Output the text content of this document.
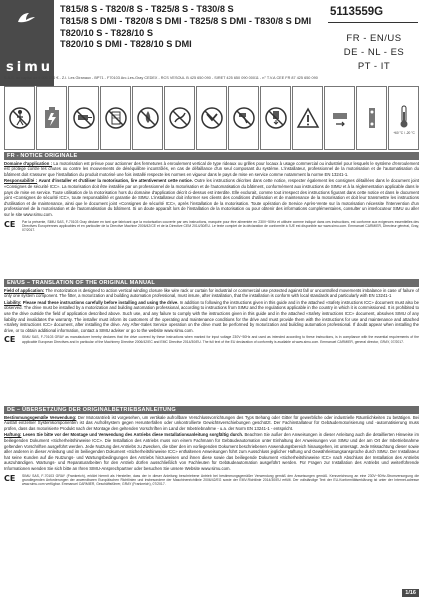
simu
T815/8 S - T820/8 S - T825/8 S - T830/8 S
T815/8 S DMI - T820/8 S DMI - T825/8 S DMI - T830/8 S DMI
T820/10 S - T828/10 S
T820/10 S DMI - T828/10 S DMI
5113559G
FR - EN/US
DE - NL - ES
PT - IT
S.A.S. au capital de 5 000 000 € - Z.I. Les Giranaux - BP71 - F70103 Arc-Les-Gray CEDEX - RCS VESOUL B 425 650 090 - SIRET 425 650 090 00011 - n° T.V.A CEE FR 87 425 650 090
+60 °C / -20 °C
FR - NOTICE ORIGINALE
Domaine d'application : La motorisation est prévue pour actionner des fermetures à enroulement vertical de type rideaux ou grilles pour locaux à usage commercial ou industriel pour lesquels le système d'enroulement est protégé contre les chutes ou contre les mouvements de déséquilibre incontrôlés, en cas de défaillance d'un seul composant du système. L'installateur, professionnel de la motorisation et de l'automatisation du bâtiment doit s'assurer que l'installation du produit motorisé une fois installé respecte les normes en vigueur dans le pays de mise en service comme notamment la norme EN 13241-1.
Responsabilité : Avant d'installer et d'utiliser la motorisation, lire attentivement cette notice. Outre les instructions décrites dans cette notice, respecter également les consignes détaillées dans le document joint «Consignes de sécurité ICC». La motorisation doit être installée par un professionnel de la motorisation et de l'automatisation du bâtiment, conformément aux instructions de SIMU et à la réglementation applicable dans le pays de mise en service. Toute utilisation de la motorisation hors du domaine d'application décrit ci-dessus est interdite. Elle exclurait, comme tout irrespect des instructions figurant dans cette notice et dans le document joint «Consignes de sécurité ICC», toute responsabilité et garantie de SIMU. L'installateur doit informer ses clients des conditions d'utilisation et de maintenance de la motorisation et doit leur transmettre les instructions d'utilisation et de maintenance, ainsi que le document joint «Consignes de sécurité ICC», après l'installation de la motorisation. Toute opération de Service Après-Vente sur la motorisation nécessite l'intervention d'un professionnel de la motorisation et de l'automatisation du bâtiment. Si un doute apparaît lors de l'installation de la motorisation ou pour obtenir des informations complémentaires, consulter un interlocuteur SIMU ou aller sur le site www.simu.com.
CE	Par la présente, SIMU SAS, F-70103 Gray déclare en tant que fabricant que la motorisation couverte par ces instructions, marquée pour être alimentée en 230V~50Hz et utilisée comme indiqué dans ces instructions, est conforme aux exigences essentielles des Directives Européennes applicables et en particulier de la Directive Machine 2006/42/CE et de la Directive CEM 2014/30/EU. Le texte complet de la déclaration de conformité à l'UE est disponible sur www.simu.com. Emmanuel CARMIER, Directeur général, Gray, 07/2017.
EN/US – TRANSLATION OF THE ORIGINAL MANUAL
Field of application: The motorization is designed to action vertical winding closure like wire rack or curtain for industrial or commercial use protected against fall or uncontrolled movements imbalance in case of failure of only one system component. The fitter, a motorization and building automation professional, must insure, after installation, that the installation is conform with local standards and particularly with EN 13241-1
Liability: Please read these instructions carefully before installing and using the drive. In addition to following the instructions given in this guide and in the attached «Safety instructions ICC» document must also be observed. The drive must be installed by a motorization and building automation professional, according to instructions from SIMU and the regulations applicable in the country in which it is commissioned. It is prohibited to use the drive outside the field of application described above. Such use, and any failure to comply with the instructions given in this guide and in the attached «Safety instructions ICC» document, absolves SIMU of any liability and invalidates the warranty. The installer must inform its customers of the operating and maintenance conditions for the drive and must provide them with the instructions for use and maintenance and attached «Safety instructions ICC» document, after installing the drive. Any After-Sales Service operation on the drive must be performed by motorization and building automation professional. If doubt appear when installing the drive, or to obtain additional information, contact a SIMU adviser or go to the website www.simu.com.
CE	SIMU SAS, F-70103 GRAY as manufacturer hereby declares that the drive covered by these instructions when marked for input voltage 230V~50Hz and used as intended according to these instructions, is in compliance with the essential requirements of the applicable European Directives and in particular of the Machinery Directive 2006/42/EC and EMC Directive 2014/30/EU. The full text of the EU declaration of conformity is available at www.simu.com. Emmanuel CARMIER, general director, GRAY, 07/2017.
DE – ÜBERSETZUNG DER ORIGINALBETRIEBSANLEITUNG
Bestimmungsgemäße Verwendung: Der Motorantrieb ist vorgesehen, um vertikale aufrollbare Verschlussvorrichtungen des Typs Behang oder Gitter für gewerbliche oder industrielle Räumlichkeiten zu betätigen. Bei Ausfall einzelner Systemkomponenten ist das Aufrollsystem gegen Herunterfallen oder unkontrollierte Gewichtsverschiebungen geschützt. Der Fachinstallateur für Gebäudemotorisierung und -automatisierung muss prüfen, dass das motorisierte Produkt nach der Montage den geltenden Vorschriften im Land der Inbetriebnahme - u.a. der Norm EN 13241-1 - entspricht.
Haftung: Lesen Sie bitte vor der Montage und Verwendung des Antriebs diese Installationsanleitung sorgfältig durch. Beachten Sie außer den Anweisungen in dieser Anleitung auch die detaillierten Hinweise im beiliegenden Dokument «Sicherheitshinweise ICC». Die Installation des Antriebs muss von einem Fachmann für Gebäudeautomation unter Einhaltung der Anweisungen von SIMU und der am Ort der Inbetriebnahme geltenden Vorschriften ausgeführt werden. Jede Nutzung des Antriebs zu Zwecken, die über den im vorliegenden Dokument beschriebenen Anwendungsbereich hinausgehen, ist untersagt. Jede Missachtung dieser sowie aller anderen in dieser Anleitung und im beiliegenden Dokument «Sicherheitshinweise ICC» enthaltenen Anweisungen führt zum Ausschluss jeglicher Haftung und Gewährleistungsansprüche durch SIMU. Der Installateur hat seine Kunden auf die Nutzungs- und Wartungsbedingungen des Antriebs hinzuweisen und ihnen diese sowie das beiliegende Dokument «Sicherheitshinweise ICC» nach Abschluss der Installation des Antriebs auszuhändigen. Wartungs- und Reparaturarbeiten für den Antrieb dürfen ausschließlich von Fachleuten für Gebäudeautomation ausgeführt werden. Für Fragen zur Installation des Antriebs und weiterführende Informationen wenden Sie sich bitte an Ihren SIMU-Ansprechpartner oder besuchen Sie unsere Website www.simu.com.
CE	SIMU SAS, F-70103 GRAY (Frankreich), erklärt hiermit als Hersteller, dass der in dieser Anleitung beschriebene Antrieb bei bestimmungsgemäßer Verwendung gemäß den Anweisungen gemäß. Kennzeichnung an eine 230V~50Hz-Stromversorgung die grundlegenden Anforderungen der anwendbaren Europäischen Richtlinien und insbesondere der Maschinenrichtlinie 2006/42/EG sowie der EMV-Richtlinie 2014/30/EU erfüllt. Der vollständige Text der EU-Konformitätserklärung ist unter der Internet-adresse www.simu.com verfügbar. Emmanuel CARMIER, Geschäftsführer, GRAY (Frankreich), 07/2017.
1/16
